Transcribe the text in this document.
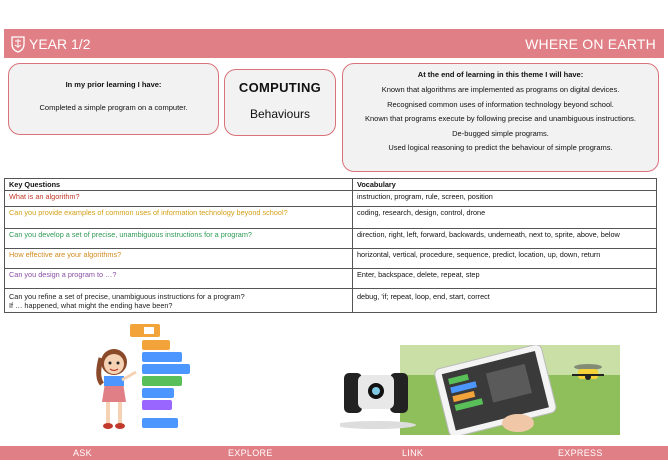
YEAR 1/2	WHERE ON EARTH
In my prior learning I have:
Completed a simple program on a computer.
COMPUTING
Behaviours
At the end of learning in this theme I will have:
Known that algorithms are implemented as programs on digital devices.
Recognised common uses of information technology beyond school.
Known that programs execute by following precise and unambiguous instructions.
De-bugged simple programs.
Used logical reasoning to predict the behaviour of simple programs.
Key Questions	Vocabulary
What is an algorithm?	instruction, program, rule, screen, position
Can you provide examples of common uses of information technology beyond school?	coding, research, design, control, drone
Can you develop a set of precise, unambiguous instructions for a program?	direction, right, left, forward, backwards, underneath, next to, sprite, above, below
How effective are your algorithms?	horizontal, vertical, procedure, sequence, predict, location, up, down, return
Can you design a program to …?	Enter, backspace, delete, repeat, step

Can you refine a set of precise, unambiguous instructions for a program?
If … happened, what might the ending have been?	debug, 'if; repeat, loop, end, start, correct
ASK	EXPLORE	LINK	EXPRESS
